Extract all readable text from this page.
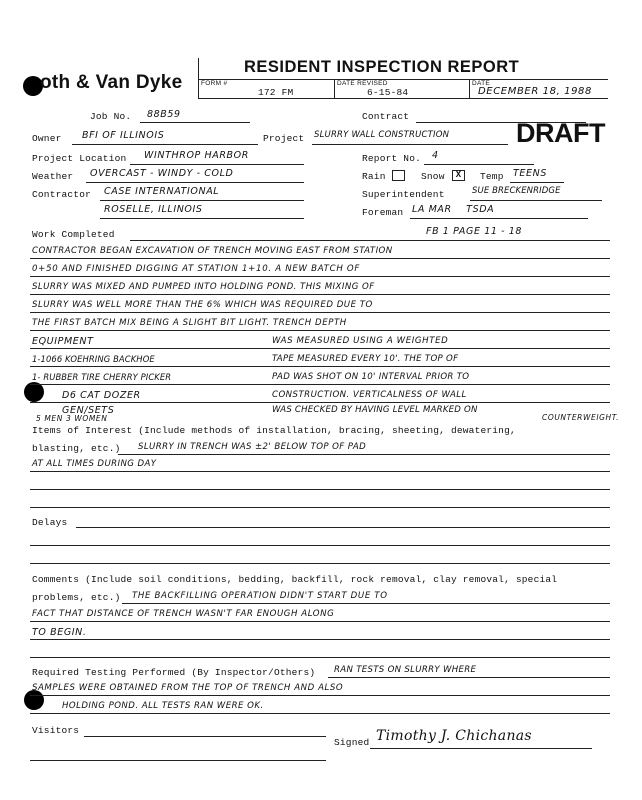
oth & Van Dyke
RESIDENT INSPECTION REPORT
FORM #
172 FM
DATE REVISED
6-15-84
DATE
DECEMBER 18, 1988
DRAFT
Job No. 88B59	Contract
Owner BFI OF ILLINOIS	Project SLURRY WALL CONSTRUCTION
Project Location WINTHROP HARBOR	Report No. 4
Weather OVERCAST - WINDY - COLD	Rain	Snow	X	Temp TEENS
Contractor CASE INTERNATIONAL	Superintendent	SUE BRECKENRIDGE
ROSELLE, ILLINOIS	Foreman LA MAR    TSDA
Work Completed	FB 1 PAGE 11 - 18
CONTRACTOR BEGAN EXCAVATION OF TRENCH MOVING EAST FROM STATION
0+50 AND FINISHED DIGGING AT STATION 1+10. A NEW BATCH OF
SLURRY WAS MIXED AND PUMPED INTO HOLDING POND. THIS MIXING OF
SLURRY WAS WELL MORE THAN THE 6% WHICH WAS REQUIRED DUE TO
THE FIRST BATCH MIX BEING A SLIGHT BIT LIGHT. TRENCH DEPTH
EQUIPMENT	WAS MEASURED USING A WEIGHTED
1-1066 KOEHRING BACKHOE	TAPE MEASURED EVERY 10'. THE TOP OF
1- RUBBER TIRE CHERRY PICKER	PAD WAS SHOT ON 10' INTERVAL PRIOR TO
D6 CAT DOZER	CONSTRUCTION. VERTICALNESS OF WALL
GEN/SETS	WAS CHECKED BY HAVING LEVEL MARKED ON
5 MEN 3 WOMEN	COUNTERWEIGHT.
Items of Interest (Include methods of installation, bracing, sheeting, dewatering,
blasting, etc.) SLURRY IN TRENCH WAS ±2' BELOW TOP OF PAD
AT ALL TIMES DURING DAY
Delays
Comments (Include soil conditions, bedding, backfill, rock removal, clay removal, special
problems, etc.) THE BACKFILLING OPERATION DIDN'T START DUE TO
FACT THAT DISTANCE OF TRENCH WASN'T FAR ENOUGH ALONG
TO BEGIN.
Required Testing Performed (By Inspector/Others) RAN TESTS ON SLURRY WHERE
SAMPLES WERE OBTAINED FROM THE TOP OF TRENCH AND ALSO
HOLDING POND. ALL TESTS RAN WERE OK.
Visitors
Signed Timothy J. Chichanas
